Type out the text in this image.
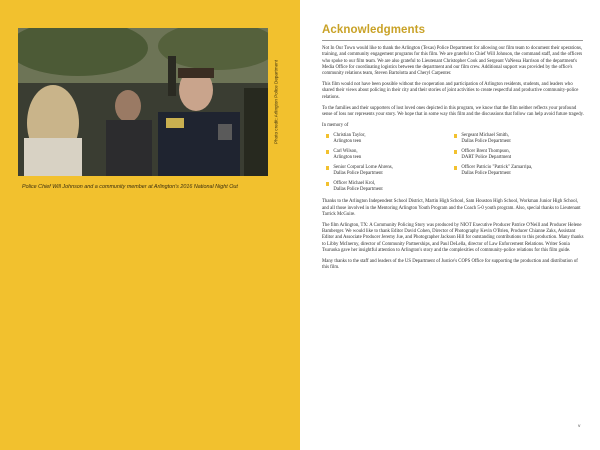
Photo credit: Arlington Police Department
Police Chief Will Johnson and a community member at Arlington's 2016 National Night Out
Acknowledgments

Not In Our Town would like to thank the Arlington (Texas) Police Department for allowing our film team to document their operations, training, and community engagement programs for this film. We are grateful to Chief Will Johnson, the command staff, and the officers who spoke to our film team. We are also grateful to Lieutenant Christopher Cook and Sergeant VaNessa Harrison of the department's Media Office for coordinating logistics between the department and our film crew. Additional support was provided by the office's community relations team, Steven Bartolotta and Cheryl Carpenter.

This film would not have been possible without the cooperation and participation of Arlington residents, students, and leaders who shared their views about policing in their city and their stories of joint activities to create respectful and productive community-police relations.

To the families and their supporters of lost loved ones depicted in this program, we know that the film neither reflects your profound sense of loss nor represents your story. We hope that in some way this film and the discussions that follow can help avoid future tragedy.

In memory of
Christian Taylor,
Arlington teen
Sergeant Michael Smith,
Dallas Police Department
Carl Wilson,
Arlington teen
Officer Brent Thompson,
DART Police Department
Senior Corporal Lorne Ahrens,
Dallas Police Department
Officer Patricio "Patrick" Zamarripa,
Dallas Police Department
Officer Michael Krol,
Dallas Police Department

Thanks to the Arlington Independent School District, Martin High School, Sam Houston High School, Workman Junior High School, and all those involved in the Mentoring Arlington Youth Program and the Coach 5-0 youth program. Also, special thanks to Lieutenant Tarrick McGuire.

The film Arlington, TX: A Community Policing Story was produced by NIOT Executive Producer Patrice O'Neill and Producer Helene Bamberger. We would like to thank Editor David Cohen, Director of Photography Kevin O'Brien, Producer Chianne Zaks, Assistant Editor and Associate Producer Jeremy Jue, and Photographer Jackson Hill for outstanding contributions to this production. Many thanks to Libby McInerny, director of Community Partnerships, and Paul DeLella, director of Law Enforcement Relations. Writer Sonia Tsuruoka gave her insightful attention to Arlington's story and the complexities of community-police relations for this film guide.

Many thanks to the staff and leaders of the US Department of Justice's COPS Office for supporting the production and distribution of this film.

v
